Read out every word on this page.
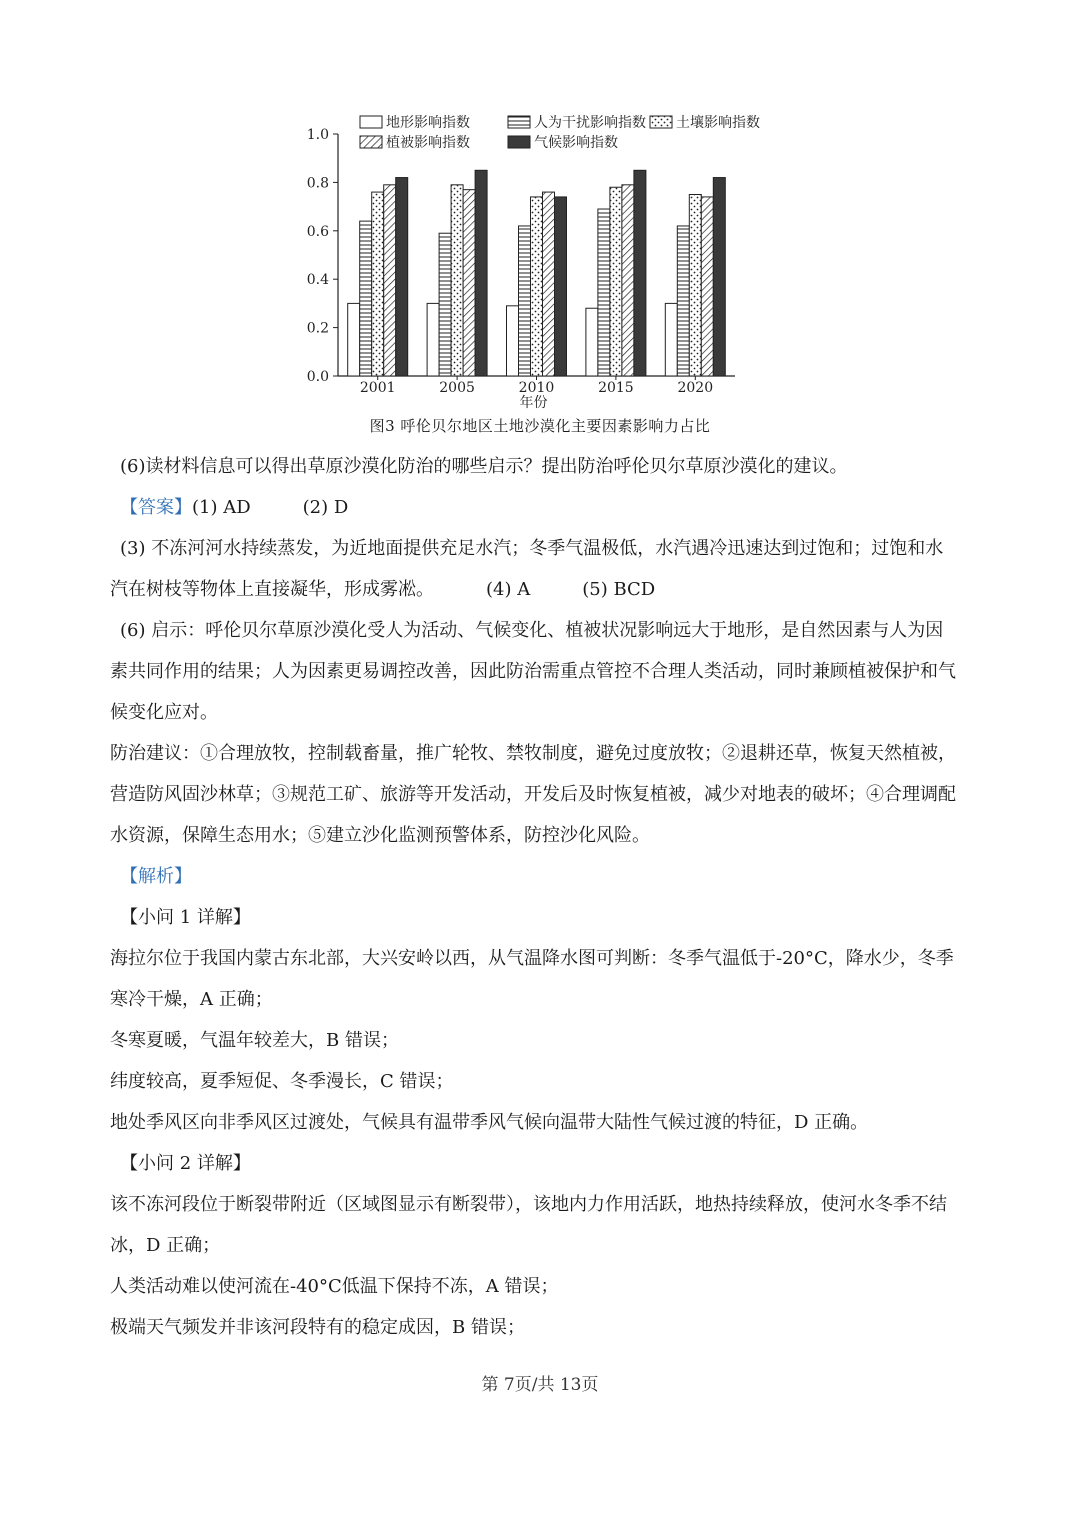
地形影响指数	人为干扰影响指数 土壤影响指数
植被影响指数	气候影响指数
0.0
0.2
0.4
0.6
0.8
1.0
2001	2005	2010	2015	2020
年份
图3 呼伦贝尔地区土地沙漠化主要因素影响力占比

(6)读材料信息可以得出草原沙漠化防治的哪些启示？提出防治呼伦贝尔草原沙漠化的建议。

【答案】(1) AD	(2) D

(3) 不冻河河水持续蒸发，为近地面提供充足水汽；冬季气温极低，水汽遇冷迅速达到过饱和；过饱和水

汽在树枝等物体上直接凝华，形成雾凇。	(4) A	(5) BCD

(6) 启示：呼伦贝尔草原沙漠化受人为活动、气候变化、植被状况影响远大于地形，是自然因素与人为因

素共同作用的结果；人为因素更易调控改善，因此防治需重点管控不合理人类活动，同时兼顾植被保护和气

候变化应对。

防治建议：①合理放牧，控制载畜量，推广轮牧、禁牧制度，避免过度放牧；②退耕还草，恢复天然植被，

营造防风固沙林草；③规范工矿、旅游等开发活动，开发后及时恢复植被，减少对地表的破坏；④合理调配

水资源，保障生态用水；⑤建立沙化监测预警体系，防控沙化风险。

【解析】

【小问 1 详解】

海拉尔位于我国内蒙古东北部，大兴安岭以西，从气温降水图可判断：冬季气温低于-20°C，降水少，冬季

寒冷干燥，A 正确；

冬寒夏暖，气温年较差大，B 错误；

纬度较高，夏季短促、冬季漫长，C 错误；

地处季风区向非季风区过渡处，气候具有温带季风气候向温带大陆性气候过渡的特征，D 正确。

【小问 2 详解】

该不冻河段位于断裂带附近（区域图显示有断裂带），该地内力作用活跃，地热持续释放，使河水冬季不结

冰，D 正确；

人类活动难以使河流在-40°C低温下保持不冻，A 错误；

极端天气频发并非该河段特有的稳定成因，B 错误；

第 7页/共 13页
